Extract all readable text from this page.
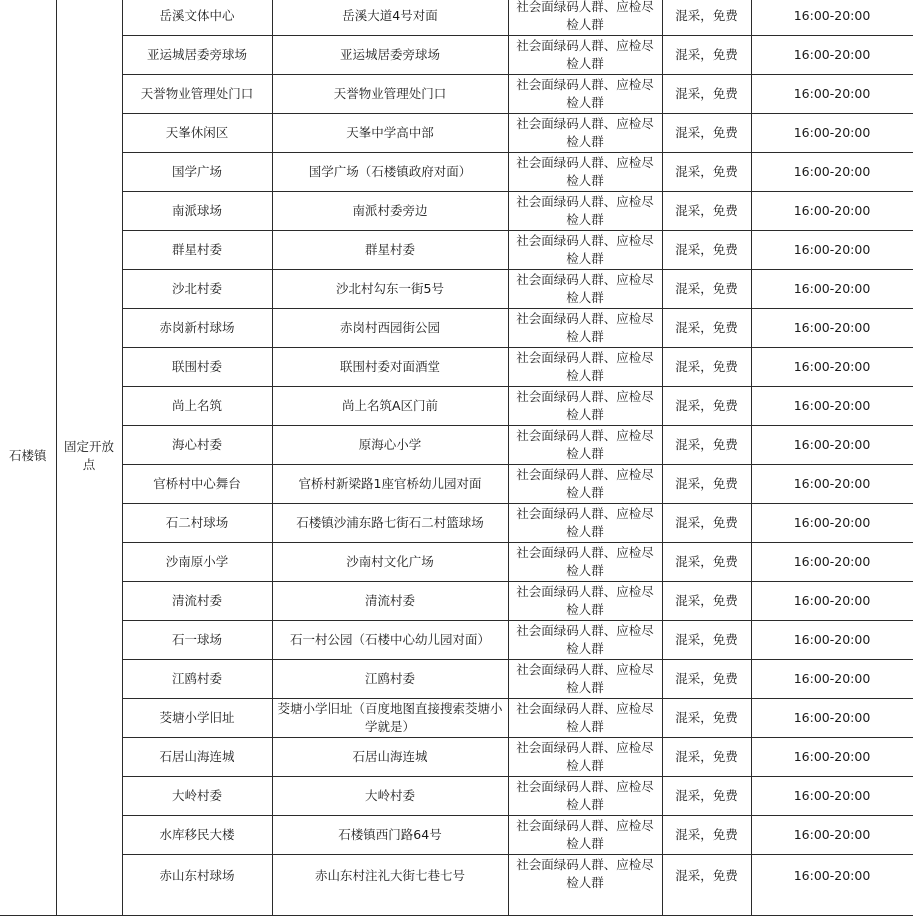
石楼镇	固定开放点	岳溪文体中心	岳溪大道4号对面	社会面绿码人群、应检尽检人群	混采，免费	16:00-20:00
		亚运城居委旁球场	亚运城居委旁球场	社会面绿码人群、应检尽检人群	混采，免费	16:00-20:00
		天誉物业管理处门口	天誉物业管理处门口	社会面绿码人群、应检尽检人群	混采，免费	16:00-20:00
		天峯休闲区	天峯中学高中部	社会面绿码人群、应检尽检人群	混采，免费	16:00-20:00
		国学广场	国学广场（石楼镇政府对面）	社会面绿码人群、应检尽检人群	混采，免费	16:00-20:00
		南派球场	南派村委旁边	社会面绿码人群、应检尽检人群	混采，免费	16:00-20:00
		群星村委	群星村委	社会面绿码人群、应检尽检人群	混采，免费	16:00-20:00
		沙北村委	沙北村勾东一街5号	社会面绿码人群、应检尽检人群	混采，免费	16:00-20:00
		赤岗新村球场	赤岗村西园街公园	社会面绿码人群、应检尽检人群	混采，免费	16:00-20:00
		联围村委	联围村委对面酒堂	社会面绿码人群、应检尽检人群	混采，免费	16:00-20:00
		尚上名筑	尚上名筑A区门前	社会面绿码人群、应检尽检人群	混采，免费	16:00-20:00
		海心村委	原海心小学	社会面绿码人群、应检尽检人群	混采，免费	16:00-20:00
		官桥村中心舞台	官桥村新梁路1座官桥幼儿园对面	社会面绿码人群、应检尽检人群	混采，免费	16:00-20:00
		石二村球场	石楼镇沙浦东路七街石二村篮球场	社会面绿码人群、应检尽检人群	混采，免费	16:00-20:00
		沙南原小学	沙南村文化广场	社会面绿码人群、应检尽检人群	混采，免费	16:00-20:00
		清流村委	清流村委	社会面绿码人群、应检尽检人群	混采，免费	16:00-20:00
		石一球场	石一村公园（石楼中心幼儿园对面）	社会面绿码人群、应检尽检人群	混采，免费	16:00-20:00
		江鸥村委	江鸥村委	社会面绿码人群、应检尽检人群	混采，免费	16:00-20:00
		茭塘小学旧址	茭塘小学旧址（百度地图直接搜索茭塘小学就是）	社会面绿码人群、应检尽检人群	混采，免费	16:00-20:00
		石居山海连城	石居山海连城	社会面绿码人群、应检尽检人群	混采，免费	16:00-20:00
		大岭村委	大岭村委	社会面绿码人群、应检尽检人群	混采，免费	16:00-20:00
		水库移民大楼	石楼镇西门路64号	社会面绿码人群、应检尽检人群	混采，免费	16:00-20:00
		赤山东村球场	赤山东村注礼大街七巷七号	社会面绿码人群、应检尽检人群	混采，免费	16:00-20:00
